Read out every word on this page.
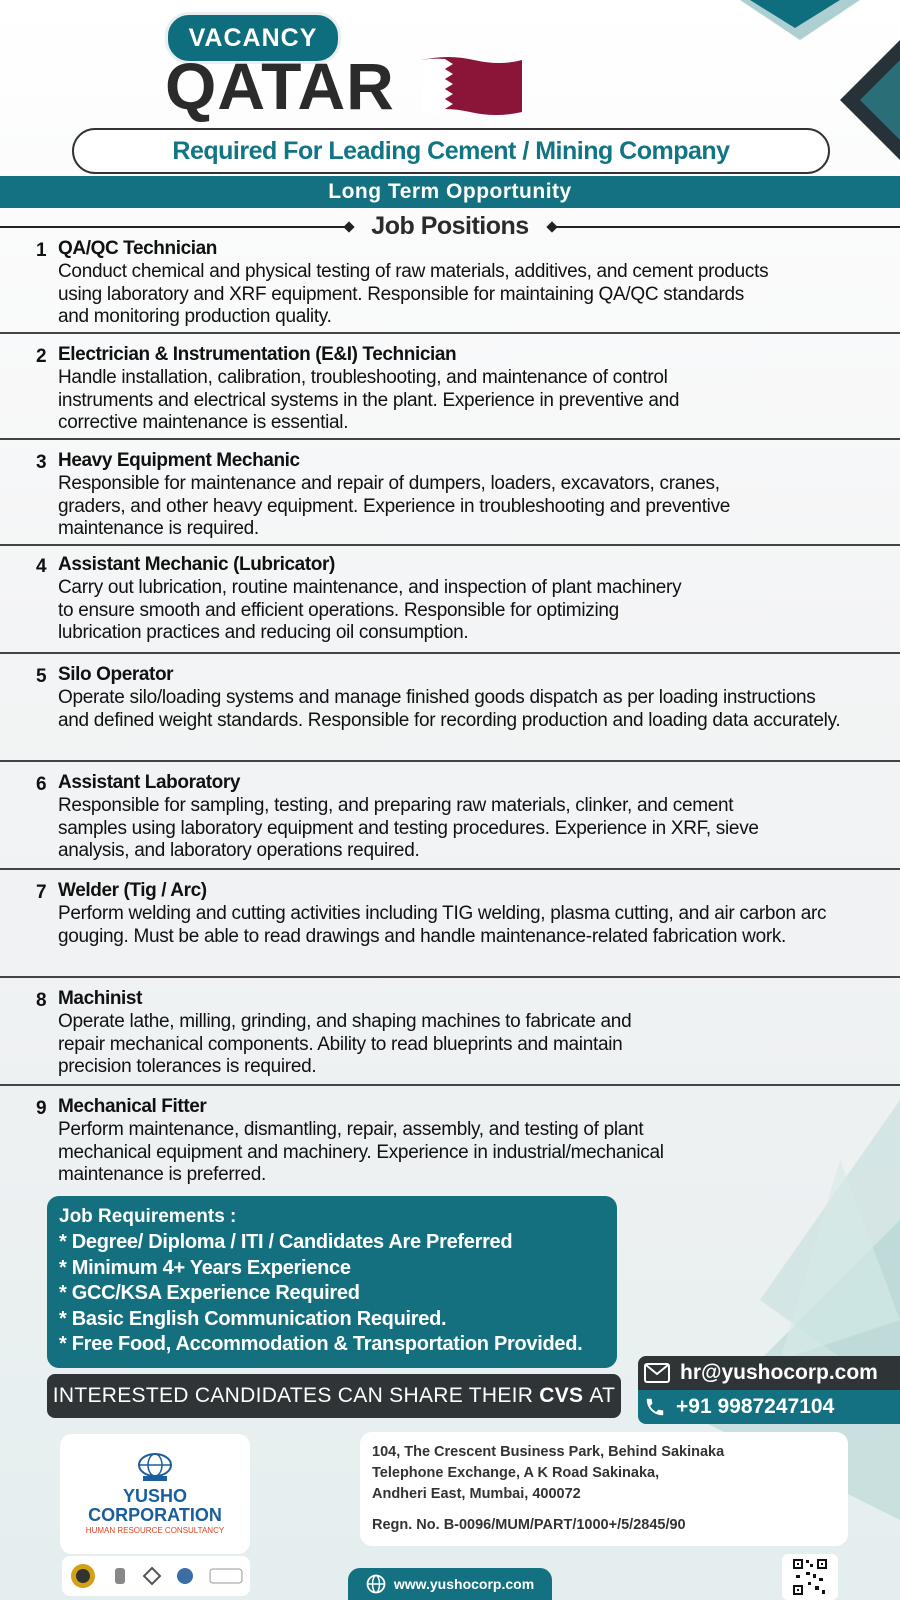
VACANCY
QATAR
Required For Leading Cement / Mining Company
Long Term Opportunity
Job Positions
1 QA/QC Technician
Conduct chemical and physical testing of raw materials, additives, and cement products using laboratory and XRF equipment. Responsible for maintaining QA/QC standards and monitoring production quality.
2 Electrician & Instrumentation (E&I) Technician
Handle installation, calibration, troubleshooting, and maintenance of control instruments and electrical systems in the plant. Experience in preventive and corrective maintenance is essential.
3 Heavy Equipment Mechanic
Responsible for maintenance and repair of dumpers, loaders, excavators, cranes, graders, and other heavy equipment. Experience in troubleshooting and preventive maintenance is required.
4 Assistant Mechanic (Lubricator)
Carry out lubrication, routine maintenance, and inspection of plant machinery to ensure smooth and efficient operations. Responsible for optimizing lubrication practices and reducing oil consumption.
5 Silo Operator
Operate silo/loading systems and manage finished goods dispatch as per loading instructions and defined weight standards. Responsible for recording production and loading data accurately.
6 Assistant Laboratory
Responsible for sampling, testing, and preparing raw materials, clinker, and cement samples using laboratory equipment and testing procedures. Experience in XRF, sieve analysis, and laboratory operations required.
7 Welder (Tig / Arc)
Perform welding and cutting activities including TIG welding, plasma cutting, and air carbon arc gouging. Must be able to read drawings and handle maintenance-related fabrication work.
8 Machinist
Operate lathe, milling, grinding, and shaping machines to fabricate and repair mechanical components. Ability to read blueprints and maintain precision tolerances is required.
9 Mechanical Fitter
Perform maintenance, dismantling, repair, assembly, and testing of plant mechanical equipment and machinery. Experience in industrial/mechanical maintenance is preferred.
Job Requirements :
* Degree/ Diploma / ITI / Candidates Are Preferred
* Minimum 4+ Years Experience
* GCC/KSA Experience Required
* Basic English Communication Required.
* Free Food, Accommodation & Transportation Provided.
INTERESTED CANDIDATES CAN SHARE THEIR CVS AT
hr@yushocorp.com
+91 9987247104
YUSHO
CORPORATION
HUMAN RESOURCE CONSULTANCY
104, The Crescent Business Park, Behind Sakinaka
Telephone Exchange, A K Road Sakinaka,
Andheri East, Mumbai, 400072
Regn. No. B-0096/MUM/PART/1000+/5/2845/90
www.yushocorp.com
